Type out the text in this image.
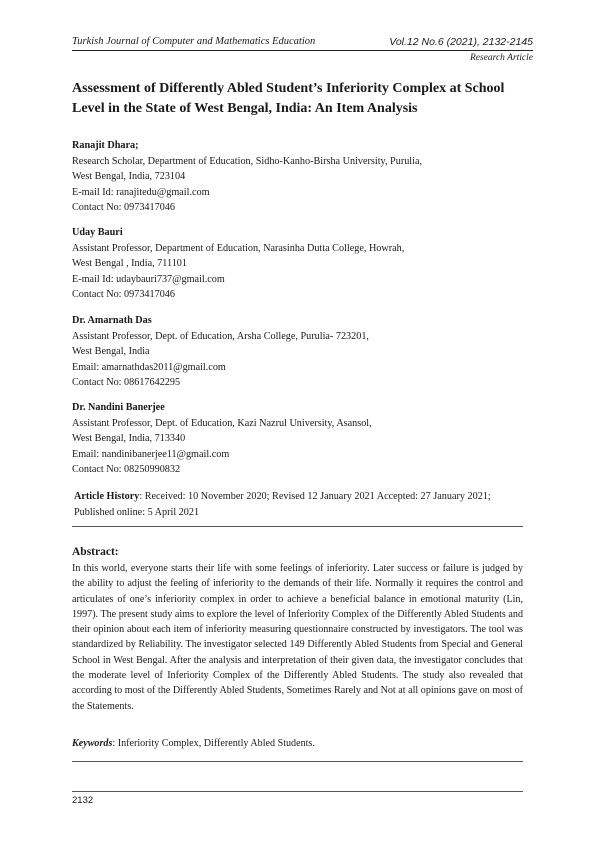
Turkish Journal of Computer and Mathematics Education	Vol.12 No.6 (2021), 2132-2145
Research Article
Assessment of Differently Abled Student’s Inferiority Complex at School Level in the State of West Bengal, India: An Item Analysis
Ranajit Dhara;
Research Scholar, Department of Education, Sidho-Kanho-Birsha University, Purulia,
West Bengal, India, 723104
E-mail Id: ranajitedu@gmail.com
Contact No: 0973417046
Uday Bauri
Assistant Professor, Department of Education, Narasinha Dutta College, Howrah,
West Bengal , India, 711101
E-mail Id: udaybauri737@gmail.com
Contact No: 0973417046
Dr. Amarnath Das
Assistant Professor, Dept. of Education, Arsha College, Purulia- 723201,
West Bengal, India
Email: amarnathdas2011@gmail.com
Contact No: 08617642295
Dr. Nandini Banerjee
Assistant Professor, Dept. of Education, Kazi Nazrul University, Asansol,
West Bengal, India, 713340
Email: nandinibanerjee11@gmail.com
Contact No: 08250990832
Article History: Received: 10 November 2020; Revised 12 January 2021 Accepted: 27 January 2021; Published online: 5 April 2021
Abstract:
In this world, everyone starts their life with some feelings of inferiority. Later success or failure is judged by the ability to adjust the feeling of inferiority to the demands of their life. Normally it requires the control and articulates of one’s inferiority complex in order to achieve a beneficial balance in emotional maturity (Lin, 1997). The present study aims to explore the level of Inferiority Complex of the Differently Abled Students and their opinion about each item of inferiority measuring questionnaire constructed by investigators. The tool was standardized by Reliability. The investigator selected 149 Differently Abled Students from Special and General School in West Bengal. After the analysis and interpretation of their given data, the investigator concludes that the moderate level of Inferiority Complex of the Differently Abled Students. The study also revealed that according to most of the Differently Abled Students, Sometimes Rarely and Not at all opinions gave on most of the Statements.
Keywords: Inferiority Complex, Differently Abled Students.
2132
